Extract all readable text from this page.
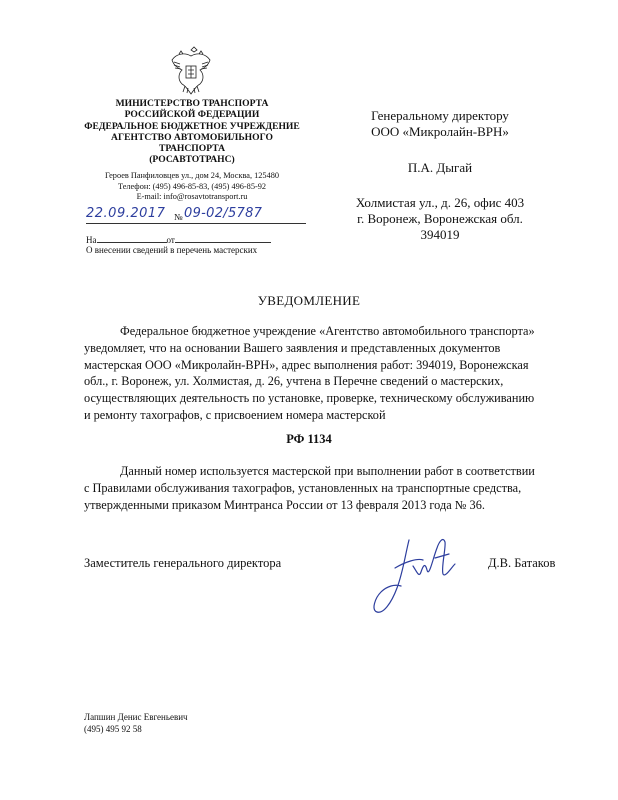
МИНИСТЕРСТВО ТРАНСПОРТА
РОССИЙСКОЙ ФЕДЕРАЦИИ
ФЕДЕРАЛЬНОЕ БЮДЖЕТНОЕ УЧРЕЖДЕНИЕ
АГЕНТСТВО АВТОМОБИЛЬНОГО
ТРАНСПОРТА
(РОСАВТОТРАНС)
Героев Панфиловцев ул., дом 24, Москва, 125480
Телефон: (495) 496-85-83, (495) 496-85-92
E-mail: info@rosavtotransport.ru
22.09.2017 № 09-02/5787
На	от
О внесении сведений в перечень мастерских
Генеральному директору
ООО «Микролайн-ВРН»
П.А. Дыгай
Холмистая ул., д. 26, офис 403
г. Воронеж, Воронежская обл.
394019
УВЕДОМЛЕНИЕ
Федеральное бюджетное учреждение «Агентство автомобильного транспорта»
уведомляет, что на основании Вашего заявления и представленных документов
мастерская ООО «Микролайн-ВРН», адрес выполнения работ: 394019, Воронежская
обл., г. Воронеж, ул. Холмистая, д. 26, учтена в Перечне сведений о мастерских,
осуществляющих деятельность по установке, проверке, техническому обслуживанию
и ремонту тахографов, с присвоением номера мастерской
РФ 1134
Данный номер используется мастерской при выполнении работ в соответствии
с Правилами обслуживания тахографов, установленных на транспортные средства,
утвержденными приказом Минтранса России от 13 февраля 2013 года № 36.
Заместитель генерального директора	Д.В. Батаков
Лапшин Денис Евгеньевич
(495) 495 92 58
